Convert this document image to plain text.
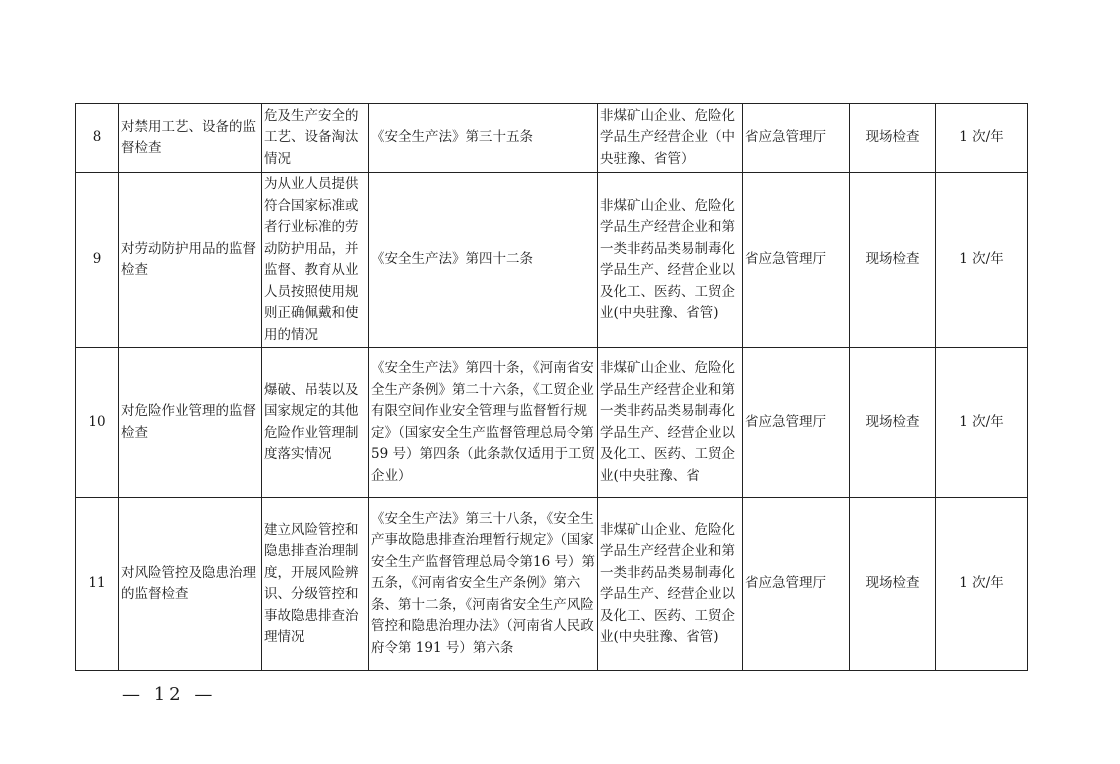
8	对禁用工艺、设备的监督检查	危及生产安全的工艺、设备淘汰情况	《安全生产法》第三十五条	非煤矿山企业、危险化学品生产经营企业（中央驻豫、省管）	省应急管理厅	现场检查	1 次/年
9	对劳动防护用品的监督检查	为从业人员提供符合国家标准或者行业标准的劳动防护用品，并监督、教育从业人员按照使用规则正确佩戴和使用的情况	《安全生产法》第四十二条	非煤矿山企业、危险化学品生产经营企业和第一类非药品类易制毒化学品生产、经营企业以及化工、医药、工贸企业(中央驻豫、省管)	省应急管理厅	现场检查	1 次/年
10	对危险作业管理的监督检查	爆破、吊装以及国家规定的其他危险作业管理制度落实情况	《安全生产法》第四十条，《河南省安全生产条例》第二十六条，《工贸企业有限空间作业安全管理与监督暂行规定》（国家安全生产监督管理总局令第 59 号）第四条（此条款仅适用于工贸企业）	非煤矿山企业、危险化学品生产经营企业和第一类非药品类易制毒化学品生产、经营企业以及化工、医药、工贸企业(中央驻豫、省	省应急管理厅	现场检查	1 次/年
11	对风险管控及隐患治理的监督检查	建立风险管控和隐患排查治理制度，开展风险辨识、分级管控和事故隐患排查治理情况	《安全生产法》第三十八条，《安全生产事故隐患排查治理暂行规定》（国家安全生产监督管理总局令第16 号）第五条，《河南省安全生产条例》第六条、第十二条，《河南省安全生产风险管控和隐患治理办法》（河南省人民政府令第 191 号）第六条	非煤矿山企业、危险化学品生产经营企业和第一类非药品类易制毒化学品生产、经营企业以及化工、医药、工贸企业(中央驻豫、省管)	省应急管理厅	现场检查	1 次/年
— 12 —
